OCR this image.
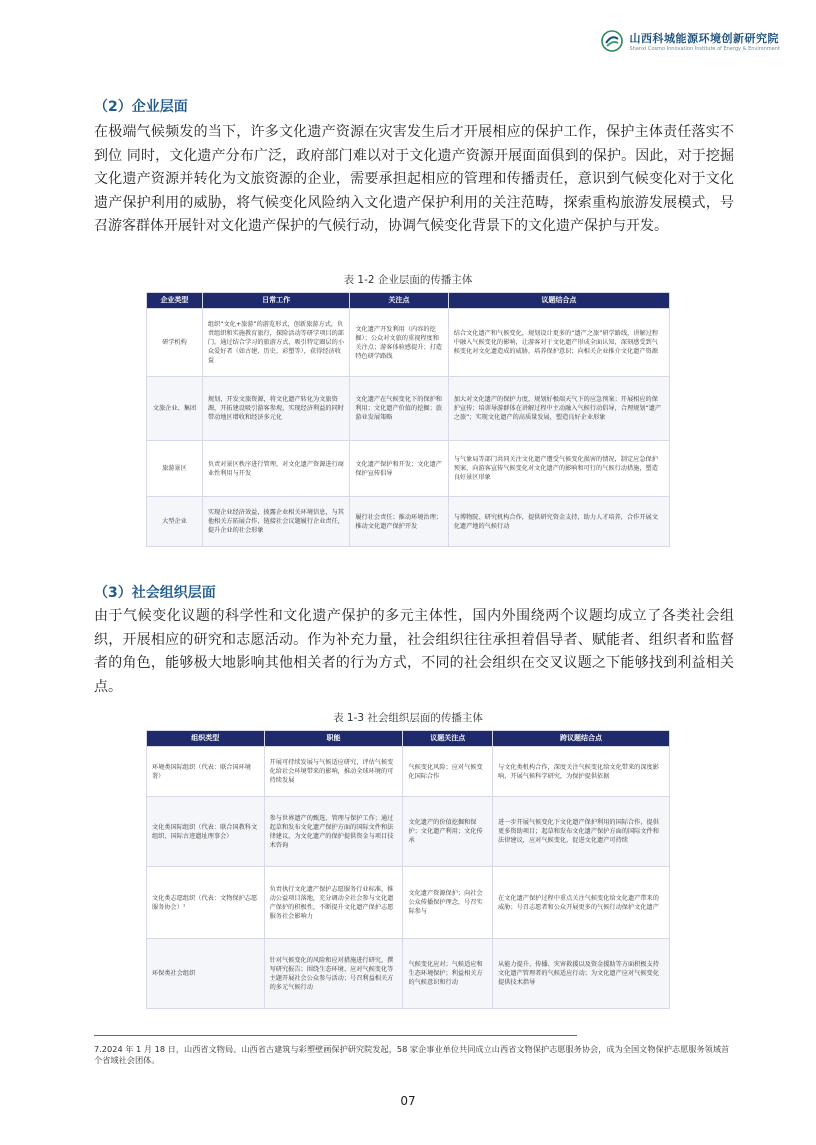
山西科城能源环境创新研究院
Shanxi Cosmo Innovation Institute of Energy & Environment
（2）企业层面
在极端气候频发的当下，许多文化遗产资源在灾害发生后才开展相应的保护工作，保护主体责任落实不到位 同时，文化遗产分布广泛，政府部门难以对于文化遗产资源开展面面俱到的保护。因此，对于挖掘文化遗产资源并转化为文旅资源的企业，需要承担起相应的管理和传播责任，意识到气候变化对于文化遗产保护利用的威胁，将气候变化风险纳入文化遗产保护利用的关注范畴，探索重构旅游发展模式，号召游客群体开展针对文化遗产保护的气候行动，协调气候变化背景下的文化遗产保护与开发。
表 1-2 企业层面的传播主体
企业类型	日常工作	关注点	议题结合点
研学机构	组织“文化+旅游”的游览形式，创新旅游方式，负责组织和实施教育旅行，探险活动等研学项目的部门。通过结合学习的旅游方式，吸引特定圈层的小众爱好者（如古建、历史、彩塑等），获得经济收益	文化遗产开发利用（内容的挖掘）；公众对文旅的重视程度和关注点；游客体验感提升；打造特色研学路线	结合文化遗产和气候变化，规划设计更多的“遗产之旅”研学路线，讲解过程中融入气候变化的影响，让游客对于文化遗产形成全面认知，深刻感受到气候变化对文化遗造成的威胁，培养保护意识；向相关企业推介文化遗产资源
文旅企业、集团	规划、开发文旅资源，将文化遗产转化为文旅资源，开拓建设吸引游客参观，实现经济利益的同时带动地区增收和经济多元化	文化遗产在气候变化下的保护和利用；文化遗产价值的挖掘；旅游业发展策略	加大对文化遗产的保护力度，规划好极端天气下的应急预案；开展相应的保护宣传；培训导游群体在讲解过程中主动融入气候行动倡导，合理规划“遗产之旅”；实现文化遗产的高质量发展，塑造良好企业形象
旅游景区	负责对景区秩序进行管理，对文化遗产资源进行商业性利用与开发	文化遗产保护和开发；文化遗产保护宣传倡导	与气象局等部门共同关注文化遗产遭受气候变化损害的情况，制定应急保护预案，向游客宣传气候变化对文化遗产的影响和可行的气候行动措施，塑造良好景区形象
大型企业	实现企业经济效益，披露企业相关环境信息，与其他相关方拓展合作，链接社会议题履行企业责任，提升企业的社会形象	履行社会责任；推动环境治理；推动文化遗产保护开发	与博物院、研究机构合作，提供研究资金支持，助力人才培养，合作开展文化遗产地的气候行动
（3）社会组织层面
由于气候变化议题的科学性和文化遗产保护的多元主体性，国内外围绕两个议题均成立了各类社会组织，开展相应的研究和志愿活动。作为补充力量，社会组织往往承担着倡导者、赋能者、组织者和监督者的角色，能够极大地影响其他相关者的行为方式，不同的社会组织在交叉议题之下能够找到利益相关点。
表 1-3 社会组织层面的传播主体
组织类型	职能	议题关注点	跨议题结合点
环境类国际组织（代表：联合国环境署）	开展可持续发展与气候适应研究，评估气候变化给社会环境带来的影响，推动全球环境的可持续发展	气候变化风险；应对气候变化国际合作	与文化类机构合作，深度关注气候变化给文化带来的深度影响，开展气候科学研究，为保护提供依据
文化类国际组织（代表：联合国教科文组织、国际古迹遗址理事会）	参与世界遗产的甄选、管理与保护工作；通过起草和发布文化遗产保护方面的国际文件和法律建议，为文化遗产的保护提供资金与项目技术咨询	文化遗产的价值挖掘和保护；文化遗产利用；文化传承	进一步开展气候变化下文化遗产保护利用的国际合作，提供更多资助项目；起草和发布文化遗产保护方面的国际文件和法律建议，应对气候变化，促进文化遗产可持续
文化类志愿组织（代表：文物保护志愿服务协会）⁷	负责执行文化遗产保护志愿服务行业标准，推动公益项目落地，充分调动全社会参与文化遗产保护的积极性，不断提升文化遗产保护志愿服务社会影响力	文化遗产资源保护；向社会公众传播保护理念，号召实际参与	在文化遗产保护过程中重点关注气候变化给文化遗产带来的威胁；号召志愿者和公众开展更多的气候行动保护文化遗产
环保类社会组织	针对气候变化的风险和应对措施进行研究，撰写研究报告；围绕生态环境、应对气候变化等主题开展社会公众参与活动；号召利益相关方的多元气候行动	气候变化应对；气候适应和生态环境保护；利益相关方的气候意识和行动	从能力提升、传播、灾害救援以及资金援助等方面积极支持文化遗产管理者的气候适应行动；为文化遗产应对气候变化提供技术指导
7.2024 年 1 月 18 日，山西省文物局、山西省古建筑与彩塑壁画保护研究院发起，58 家企事业单位共同成立山西省文物保护志愿服务协会，成为全国文物保护志愿服务领域首个省域社会团体。
07
